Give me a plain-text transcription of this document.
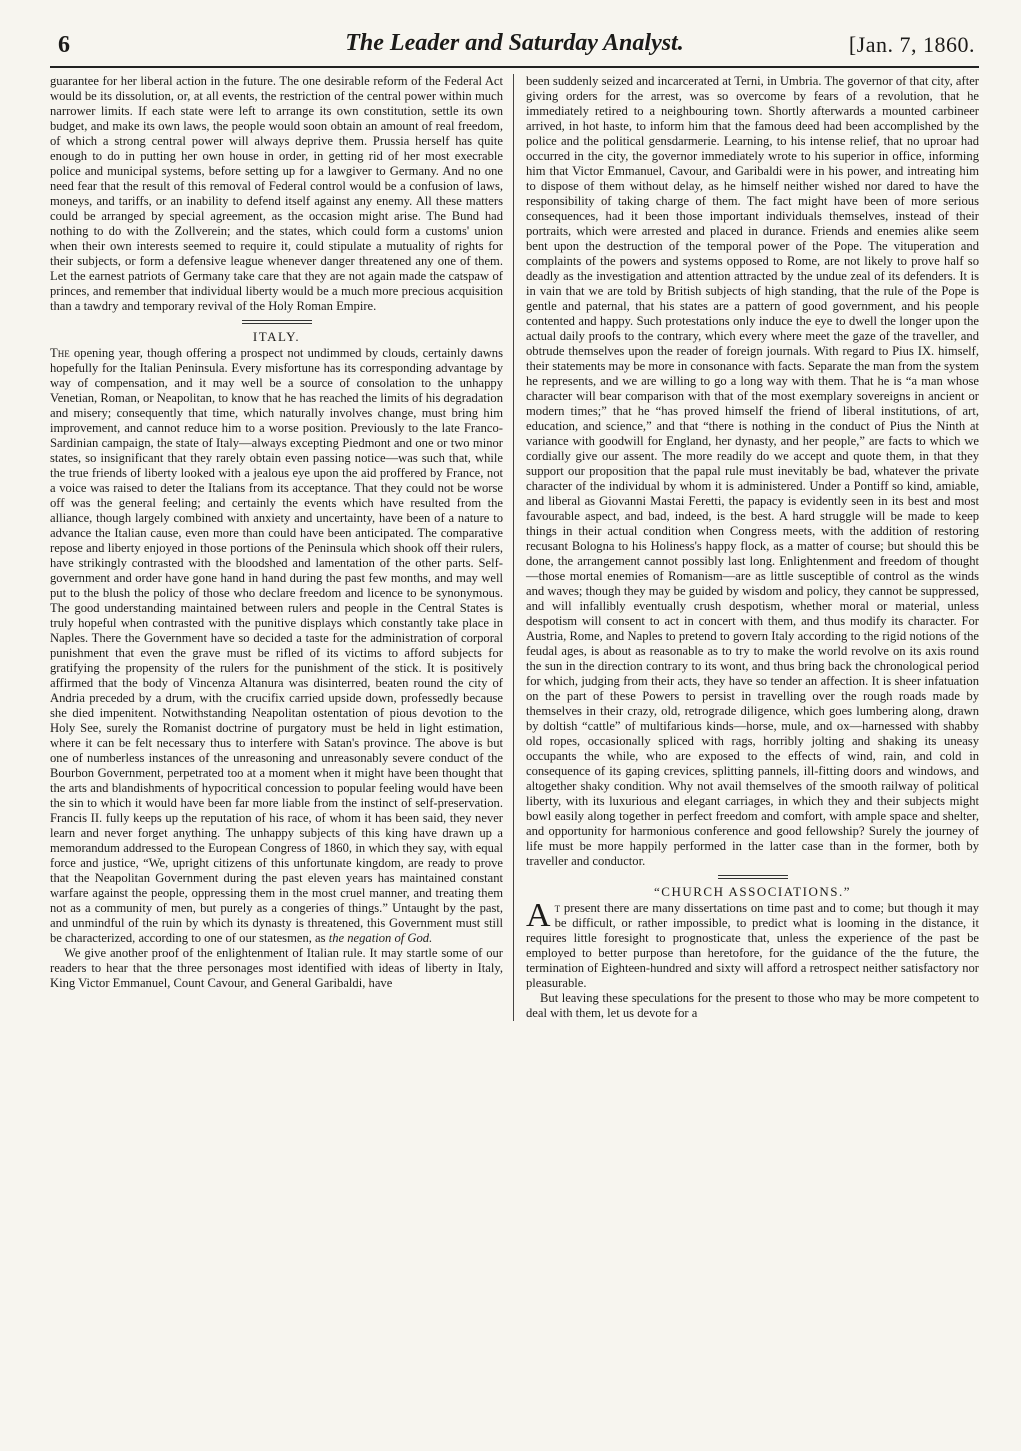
6	The Leader and Saturday Analyst.	[Jan. 7, 1860.

guarantee for her liberal action in the future. The one desirable reform of the Federal Act would be its dissolution, or, at all events, the restriction of the central power within much narrower limits. If each state were left to arrange its own constitution, settle its own budget, and make its own laws, the people would soon obtain an amount of real freedom, of which a strong central power will always deprive them. Prussia herself has quite enough to do in putting her own house in order, in getting rid of her most execrable police and municipal systems, before setting up for a lawgiver to Germany. And no one need fear that the result of this removal of Federal control would be a confusion of laws, moneys, and tariffs, or an inability to defend itself against any enemy. All these matters could be arranged by special agreement, as the occasion might arise. The Bund had nothing to do with the Zollverein; and the states, which could form a customs' union when their own interests seemed to require it, could stipulate a mutuality of rights for their subjects, or form a defensive league whenever danger threatened any one of them. Let the earnest patriots of Germany take care that they are not again made the catspaw of princes, and remember that individual liberty would be a much more precious acquisition than a tawdry and temporary revival of the Holy Roman Empire.

ITALY.

The opening year, though offering a prospect not undimmed by clouds, certainly dawns hopefully for the Italian Peninsula. Every misfortune has its corresponding advantage by way of compensation, and it may well be a source of consolation to the unhappy Venetian, Roman, or Neapolitan, to know that he has reached the limits of his degradation and misery; consequently that time, which naturally involves change, must bring him improvement, and cannot reduce him to a worse position. Previously to the late Franco-Sardinian campaign, the state of Italy—always excepting Piedmont and one or two minor states, so insignificant that they rarely obtain even passing notice—was such that, while the true friends of liberty looked with a jealous eye upon the aid proffered by France, not a voice was raised to deter the Italians from its acceptance. That they could not be worse off was the general feeling; and certainly the events which have resulted from the alliance, though largely combined with anxiety and uncertainty, have been of a nature to advance the Italian cause, even more than could have been anticipated. The comparative repose and liberty enjoyed in those portions of the Peninsula which shook off their rulers, have strikingly contrasted with the bloodshed and lamentation of the other parts. Self-government and order have gone hand in hand during the past few months, and may well put to the blush the policy of those who declare freedom and licence to be synonymous. The good understanding maintained between rulers and people in the Central States is truly hopeful when contrasted with the punitive displays which constantly take place in Naples. There the Government have so decided a taste for the administration of corporal punishment that even the grave must be rifled of its victims to afford subjects for gratifying the propensity of the rulers for the punishment of the stick. It is positively affirmed that the body of Vincenza Altanura was disinterred, beaten round the city of Andria preceded by a drum, with the crucifix carried upside down, professedly because she died impenitent. Notwithstanding Neapolitan ostentation of pious devotion to the Holy See, surely the Romanist doctrine of purgatory must be held in light estimation, where it can be felt necessary thus to interfere with Satan's province. The above is but one of numberless instances of the unreasoning and unreasonably severe conduct of the Bourbon Government, perpetrated too at a moment when it might have been thought that the arts and blandishments of hypocritical concession to popular feeling would have been the sin to which it would have been far more liable from the instinct of self-preservation. Francis II. fully keeps up the reputation of his race, of whom it has been said, they never learn and never forget anything. The unhappy subjects of this king have drawn up a memorandum addressed to the European Congress of 1860, in which they say, with equal force and justice, “We, upright citizens of this unfortunate kingdom, are ready to prove that the Neapolitan Government during the past eleven years has maintained constant warfare against the people, oppressing them in the most cruel manner, and treating them not as a community of men, but purely as a congeries of things.” Untaught by the past, and unmindful of the ruin by which its dynasty is threatened, this Government must still be characterized, according to one of our statesmen, as the negation of God.

We give another proof of the enlightenment of Italian rule. It may startle some of our readers to hear that the three personages most identified with ideas of liberty in Italy, King Victor Emmanuel, Count Cavour, and General Garibaldi, have

been suddenly seized and incarcerated at Terni, in Umbria. The governor of that city, after giving orders for the arrest, was so overcome by fears of a revolution, that he immediately retired to a neighbouring town. Shortly afterwards a mounted carbineer arrived, in hot haste, to inform him that the famous deed had been accomplished by the police and the political gensdarmerie. Learning, to his intense relief, that no uproar had occurred in the city, the governor immediately wrote to his superior in office, informing him that Victor Emmanuel, Cavour, and Garibaldi were in his power, and intreating him to dispose of them without delay, as he himself neither wished nor dared to have the responsibility of taking charge of them. The fact might have been of more serious consequences, had it been those important individuals themselves, instead of their portraits, which were arrested and placed in durance. Friends and enemies alike seem bent upon the destruction of the temporal power of the Pope. The vituperation and complaints of the powers and systems opposed to Rome, are not likely to prove half so deadly as the investigation and attention attracted by the undue zeal of its defenders. It is in vain that we are told by British subjects of high standing, that the rule of the Pope is gentle and paternal, that his states are a pattern of good government, and his people contented and happy. Such protestations only induce the eye to dwell the longer upon the actual daily proofs to the contrary, which every where meet the gaze of the traveller, and obtrude themselves upon the reader of foreign journals. With regard to Pius IX. himself, their statements may be more in consonance with facts. Separate the man from the system he represents, and we are willing to go a long way with them. That he is “a man whose character will bear comparison with that of the most exemplary sovereigns in ancient or modern times;” that he “has proved himself the friend of liberal institutions, of art, education, and science,” and that “there is nothing in the conduct of Pius the Ninth at variance with goodwill for England, her dynasty, and her people,” are facts to which we cordially give our assent. The more readily do we accept and quote them, in that they support our proposition that the papal rule must inevitably be bad, whatever the private character of the individual by whom it is administered. Under a Pontiff so kind, amiable, and liberal as Giovanni Mastai Feretti, the papacy is evidently seen in its best and most favourable aspect, and bad, indeed, is the best. A hard struggle will be made to keep things in their actual condition when Congress meets, with the addition of restoring recusant Bologna to his Holiness's happy flock, as a matter of course; but should this be done, the arrangement cannot possibly last long. Enlightenment and freedom of thought—those mortal enemies of Romanism—are as little susceptible of control as the winds and waves; though they may be guided by wisdom and policy, they cannot be suppressed, and will infallibly eventually crush despotism, whether moral or material, unless despotism will consent to act in concert with them, and thus modify its character. For Austria, Rome, and Naples to pretend to govern Italy according to the rigid notions of the feudal ages, is about as reasonable as to try to make the world revolve on its axis round the sun in the direction contrary to its wont, and thus bring back the chronological period for which, judging from their acts, they have so tender an affection. It is sheer infatuation on the part of these Powers to persist in travelling over the rough roads made by themselves in their crazy, old, retrograde diligence, which goes lumbering along, drawn by doltish “cattle” of multifarious kinds—horse, mule, and ox—harnessed with shabby old ropes, occasionally spliced with rags, horribly jolting and shaking its uneasy occupants the while, who are exposed to the effects of wind, rain, and cold in consequence of its gaping crevices, splitting pannels, ill-fitting doors and windows, and altogether shaky condition. Why not avail themselves of the smooth railway of political liberty, with its luxurious and elegant carriages, in which they and their subjects might bowl easily along together in perfect freedom and comfort, with ample space and shelter, and opportunity for harmonious conference and good fellowship? Surely the journey of life must be more happily performed in the latter case than in the former, both by traveller and conductor.

“CHURCH ASSOCIATIONS.”

At present there are many dissertations on time past and to come; but though it may be difficult, or rather impossible, to predict what is looming in the distance, it requires little foresight to prognosticate that, unless the experience of the past be employed to better purpose than heretofore, for the guidance of the the future, the termination of Eighteen-hundred and sixty will afford a retrospect neither satisfactory nor pleasurable.

But leaving these speculations for the present to those who may be more competent to deal with them, let us devote for a
